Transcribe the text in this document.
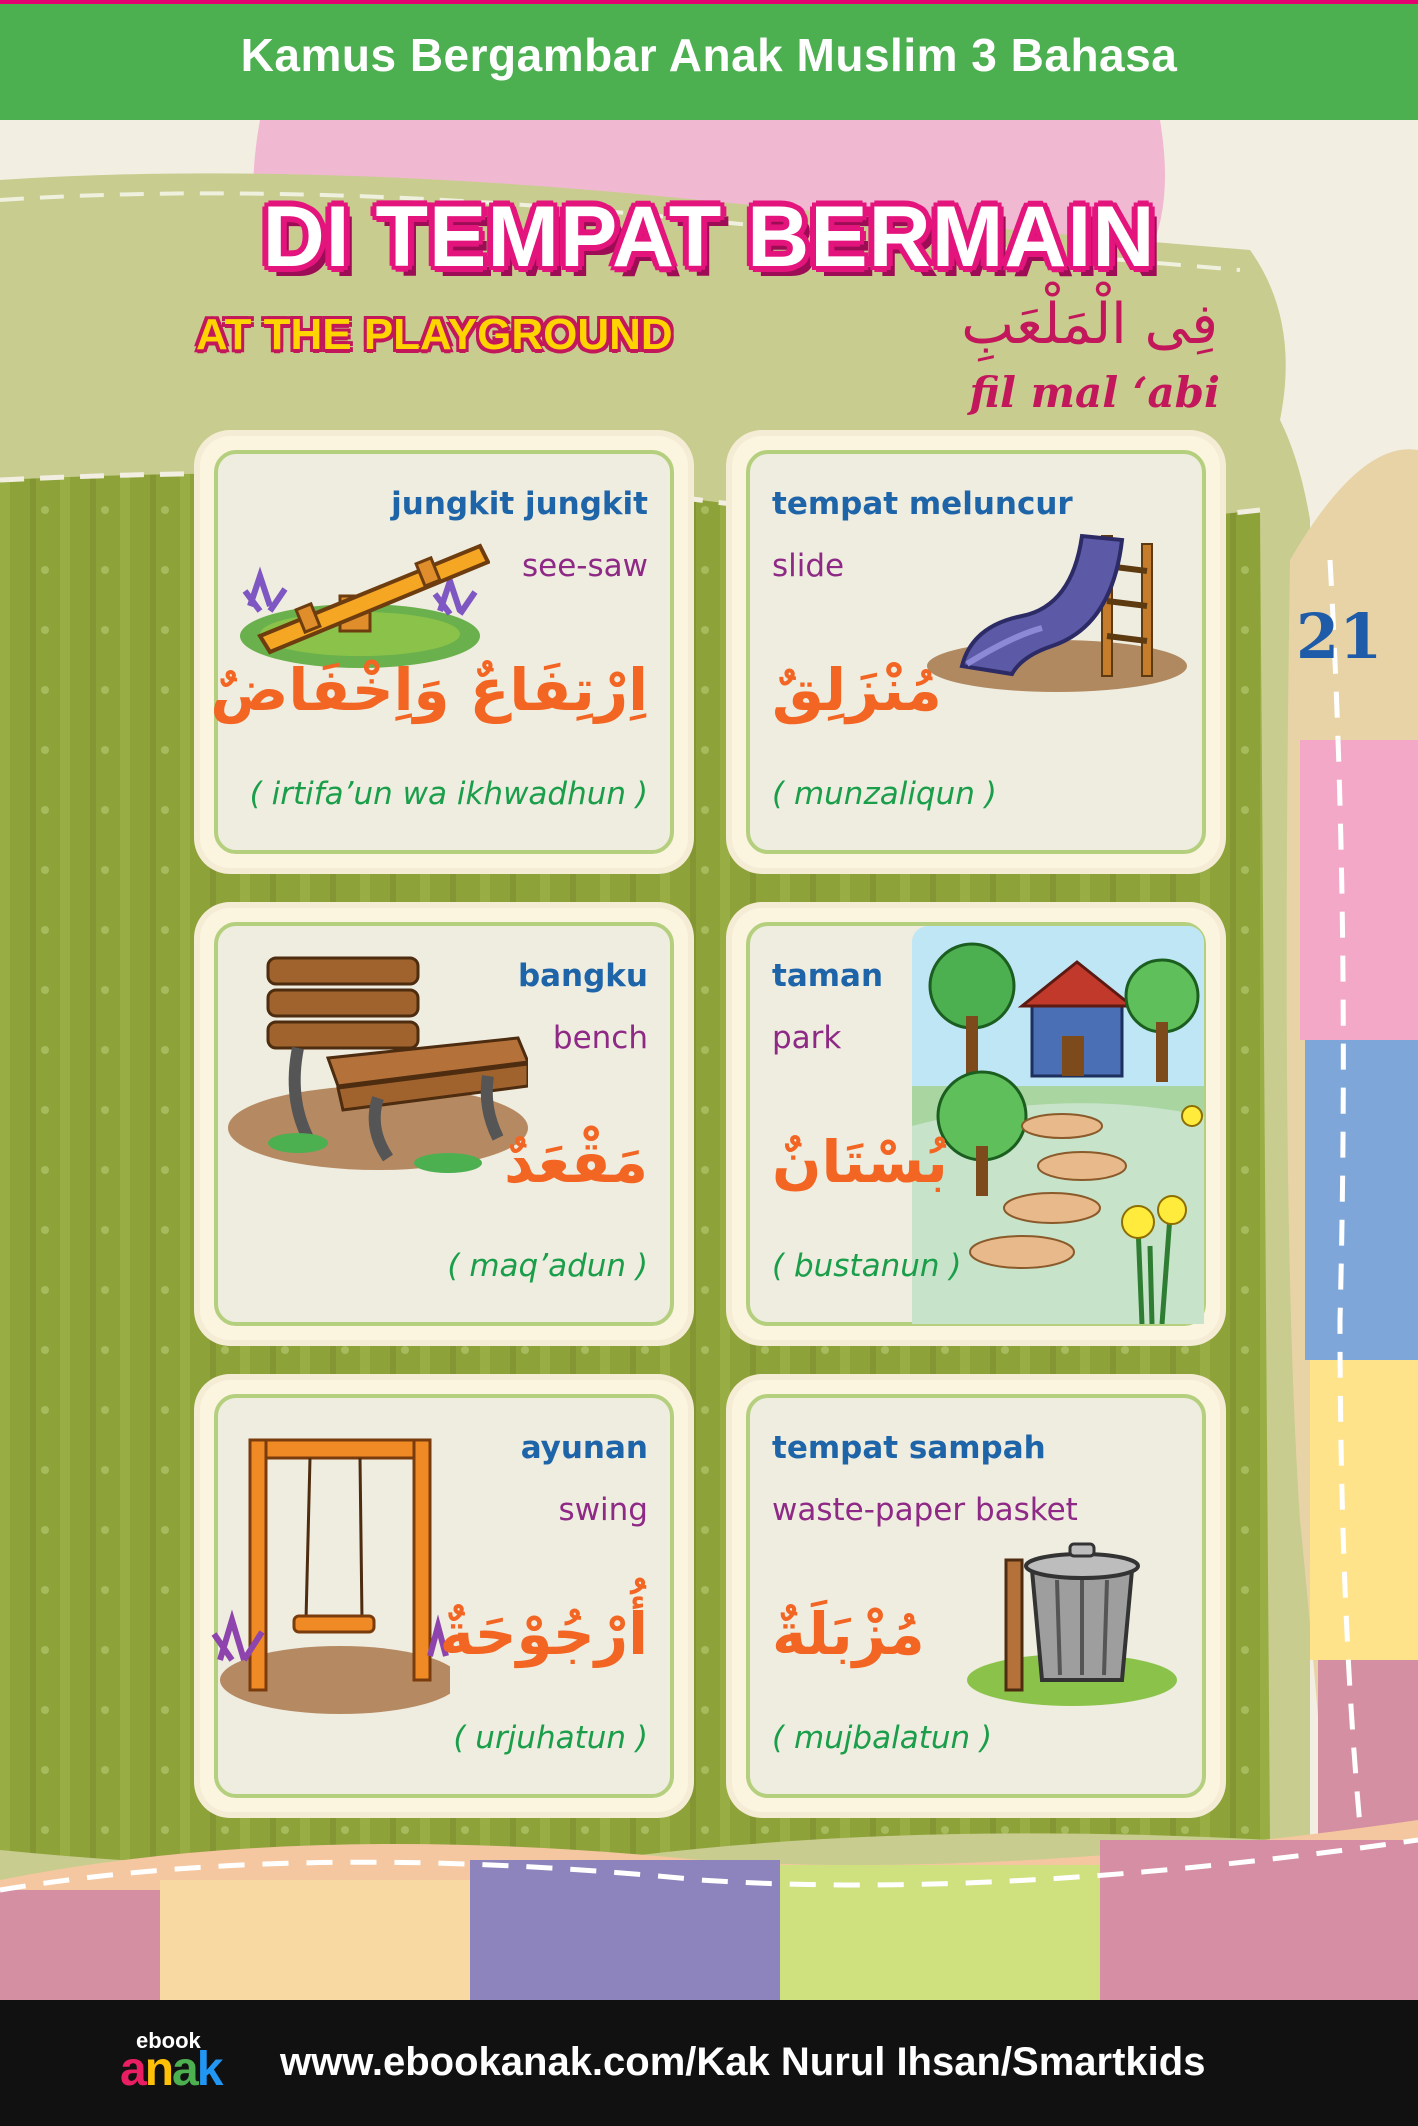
Kamus Bergambar Anak Muslim 3 Bahasa
DI TEMPAT BERMAIN
AT THE PLAYGROUND	فِى الْمَلْعَبِ
fil mal ‘abi
21
jungkit jungkit
see-saw
اِرْتِفَاعٌ وَاِخْفَاضٌ
( irtifa’un wa ikhwadhun )
tempat meluncur
slide
مُنْزَلِقٌ
( munzaliqun )
bangku
bench
مَقْعَدٌ
( maq’adun )
taman
park
بُسْتَانٌ
( bustanun )
ayunan
swing
أُرْجُوْحَةٌ
( urjuhatun )
tempat sampah
waste-paper basket
مُزْبَلَةٌ
( mujbalatun )
ebook
anak www.ebookanak.com/Kak Nurul Ihsan/Smartkids
